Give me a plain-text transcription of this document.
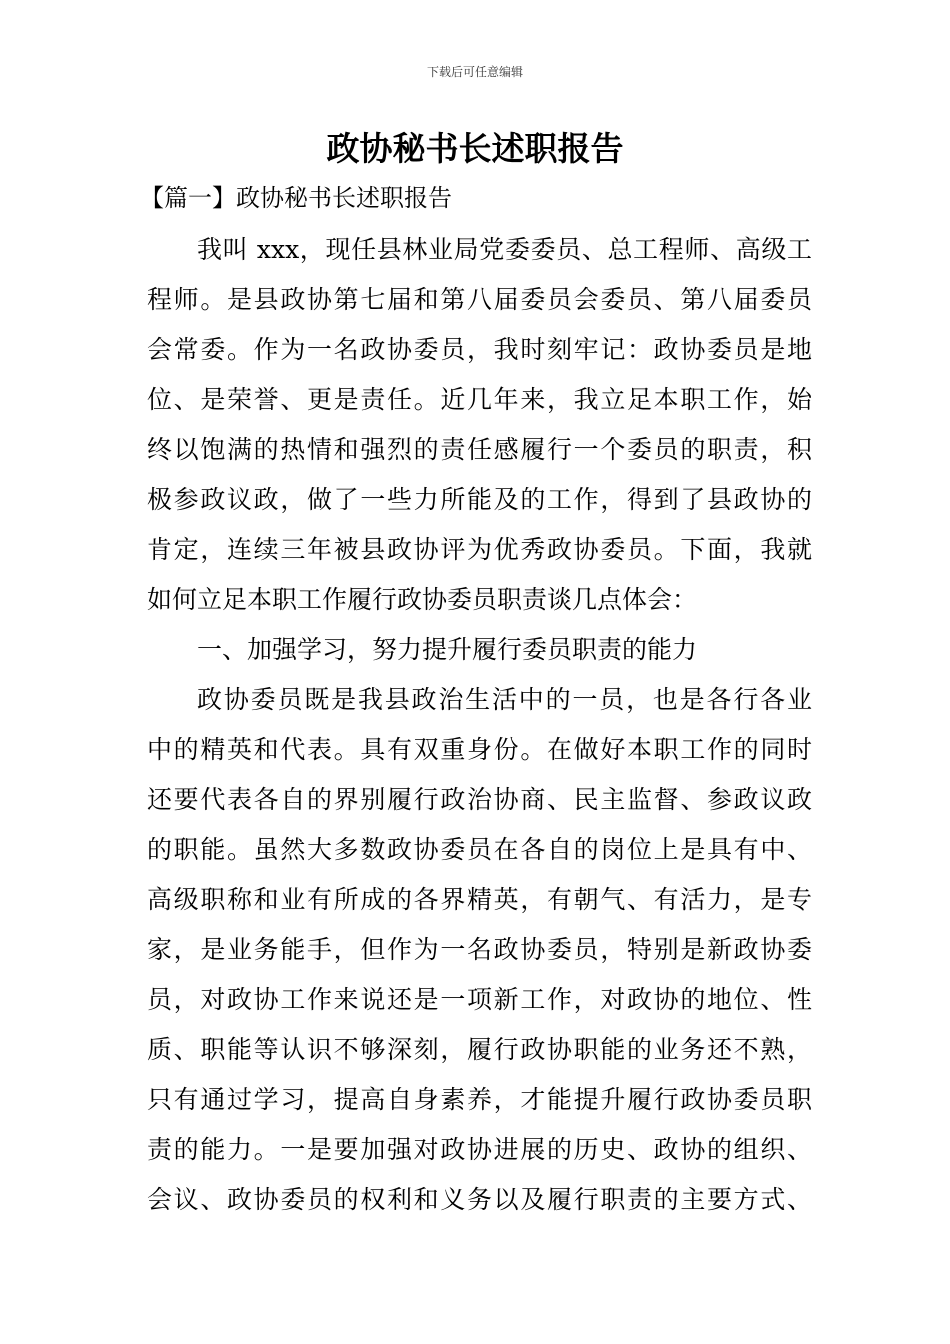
下载后可任意编辑
政协秘书长述职报告
【篇一】政协秘书长述职报告
我叫 xxx，现任县林业局党委委员、总工程师、高级工
程师。是县政协第七届和第八届委员会委员、第八届委员
会常委。作为一名政协委员，我时刻牢记：政协委员是地
位、是荣誉、更是责任。近几年来，我立足本职工作，始
终以饱满的热情和强烈的责任感履行一个委员的职责，积
极参政议政，做了一些力所能及的工作，得到了县政协的
肯定，连续三年被县政协评为优秀政协委员。下面，我就
如何立足本职工作履行政协委员职责谈几点体会：
一、加强学习，努力提升履行委员职责的能力
政协委员既是我县政治生活中的一员，也是各行各业
中的精英和代表。具有双重身份。在做好本职工作的同时
还要代表各自的界别履行政治协商、民主监督、参政议政
的职能。虽然大多数政协委员在各自的岗位上是具有中、
高级职称和业有所成的各界精英，有朝气、有活力，是专
家，是业务能手，但作为一名政协委员，特别是新政协委
员，对政协工作来说还是一项新工作，对政协的地位、性
质、职能等认识不够深刻，履行政协职能的业务还不熟，
只有通过学习，提高自身素养，才能提升履行政协委员职
责的能力。一是要加强对政协进展的历史、政协的组织、
会议、政协委员的权利和义务以及履行职责的主要方式、
